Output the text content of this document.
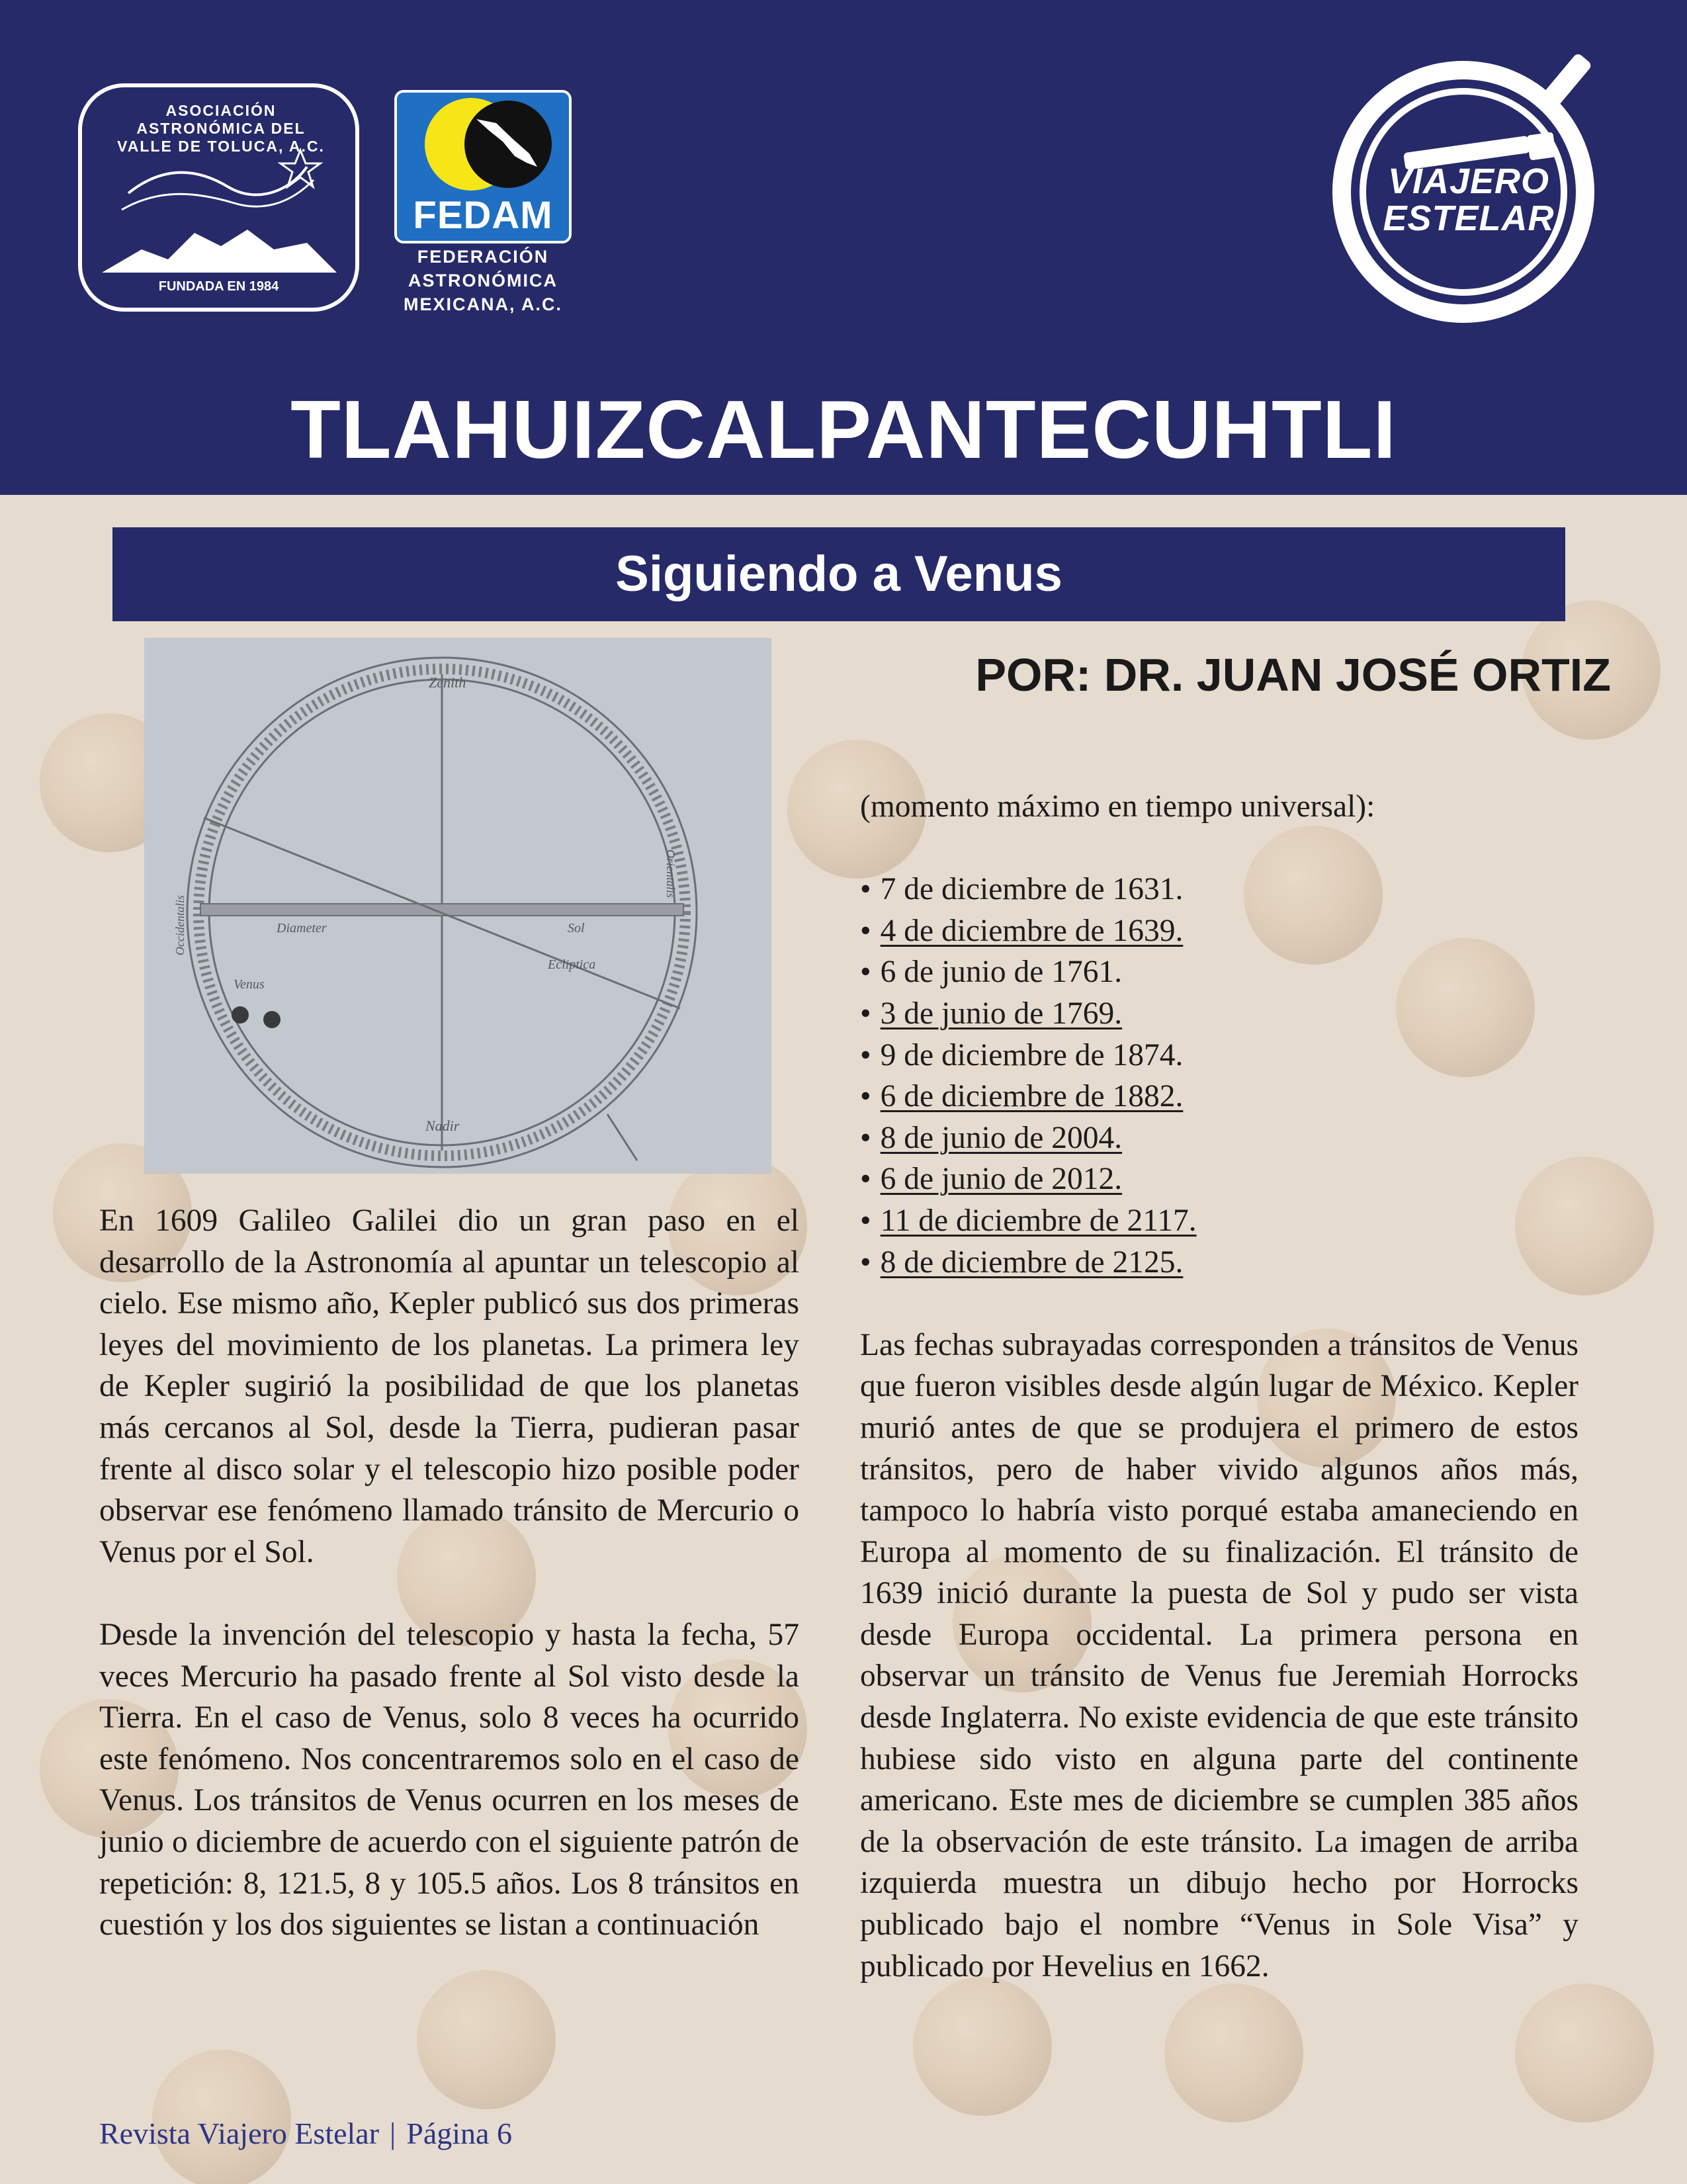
ASOCIACIÓN ASTRONÓMICA DEL VALLE DE TOLUCA, A.C.
FUNDADA EN 1984
FEDAM
FEDERACIÓN
ASTRONÓMICA
MEXICANA, A.C.
VIAJERO
ESTELAR
TLAHUIZCALPANTECUHTLI
Siguiendo a Venus
Zenith
Venus
Sol
Nadir
Ecliptica
Diameter
Orientalis
Occidentalis
POR: DR. JUAN JOSÉ ORTIZ

En 1609 Galileo Galilei dio un gran paso en el desarrollo de la Astronomía al apuntar un telescopio al cielo. Ese mismo año, Kepler publicó sus dos primeras leyes del movimiento de los planetas. La primera ley de Kepler sugirió la posibilidad de que los planetas más cercanos al Sol, desde la Tierra, pudieran pasar frente al disco solar y el telescopio hizo posible poder observar ese fenómeno llamado tránsito de Mercurio o Venus por el Sol.

Desde la invención del telescopio y hasta la fecha, 57 veces Mercurio ha pasado frente al Sol visto desde la Tierra. En el caso de Venus, solo 8 veces ha ocurrido este fenómeno. Nos concentraremos solo en el caso de Venus. Los tránsitos de Venus ocurren en los meses de junio o diciembre de acuerdo con el siguiente patrón de repetición: 8, 121.5, 8 y 105.5 años. Los 8 tránsitos en cuestión y los dos siguientes se listan a continuación

(momento máximo en tiempo universal):

• 7 de diciembre de 1631.
• 4 de diciembre de 1639.
• 6 de junio de 1761.
• 3 de junio de 1769.
• 9 de diciembre de 1874.
• 6 de diciembre de 1882.
• 8 de junio de 2004.
• 6 de junio de 2012.
• 11 de diciembre de 2117.
• 8 de diciembre de 2125.

Las fechas subrayadas corresponden a tránsitos de Venus que fueron visibles desde algún lugar de México. Kepler murió antes de que se produjera el primero de estos tránsitos, pero de haber vivido algunos años más, tampoco lo habría visto porqué estaba amaneciendo en Europa al momento de su finalización. El tránsito de 1639 inició durante la puesta de Sol y pudo ser vista desde Europa occidental. La primera persona en observar un tránsito de Venus fue Jeremiah Horrocks desde Inglaterra. No existe evidencia de que este tránsito hubiese sido visto en alguna parte del continente americano. Este mes de diciembre se cumplen 385 años de la observación de este tránsito. La imagen de arriba izquierda muestra un dibujo hecho por Horrocks publicado bajo el nombre “Venus in Sole Visa” y publicado por Hevelius en 1662.

Revista Viajero Estelar | Página 6
